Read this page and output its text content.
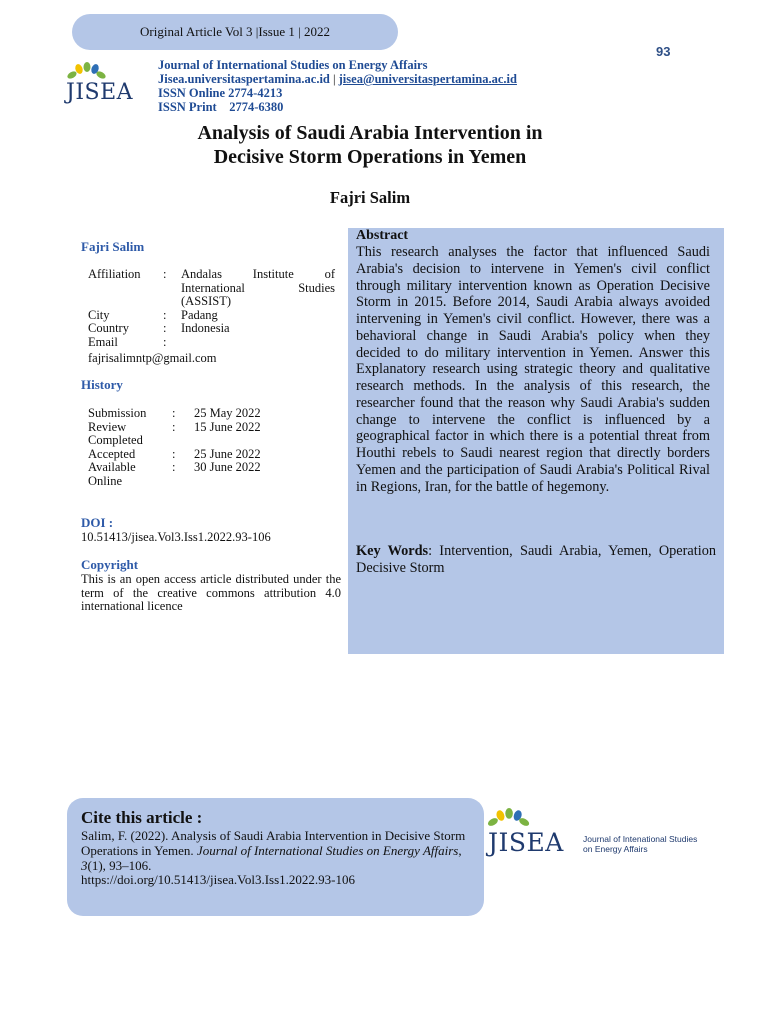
Original Article Vol 3 |Issue 1 | 2022
93
JISEA
Journal of International Studies on Energy Affairs
Jisea.universitaspertamina.ac.id | jisea@universitaspertamina.ac.id
ISSN Online 2774-4213
ISSN Print    2774-6380
Analysis of Saudi Arabia Intervention in
Decisive Storm Operations in Yemen
Fajri Salim
Fajri Salim
Affiliation	:	Andalas Institute of International Studies (ASSIST)
City	:	Padang
Country	:	Indonesia
Email	:	
fajrisalimntp@gmail.com
History
Submission	:	25 May 2022
Review Completed	:	15 June 2022
Accepted	:	25 June 2022
Available Online	:	30 June 2022
DOI :
10.51413/jisea.Vol3.Iss1.2022.93-106
Copyright
This is an open access article distributed under the term of the creative commons attribution 4.0 international licence
Abstract
This research analyses the factor that influenced Saudi Arabia's decision to intervene in Yemen's civil conflict through military intervention known as Operation Decisive Storm in 2015. Before 2014, Saudi Arabia always avoided intervening in Yemen's civil conflict. However, there was a behavioral change in Saudi Arabia's policy when they decided to do military intervention in Yemen. Answer this Explanatory research using strategic theory and qualitative research methods. In the analysis of this research, the researcher found that the reason why Saudi Arabia's sudden change to intervene the conflict is influenced by a geographical factor in which there is a potential threat from Houthi rebels to Saudi nearest region that directly borders Yemen and the participation of Saudi Arabia's Political Rival in Regions, Iran, for the battle of hegemony.
Key Words: Intervention, Saudi Arabia, Yemen, Operation Decisive Storm
Cite this article :
Salim, F. (2022). Analysis of Saudi Arabia Intervention in Decisive Storm Operations in Yemen. Journal of International Studies on Energy Affairs, 3(1), 93–106.
https://doi.org/10.51413/jisea.Vol3.Iss1.2022.93-106
JISEA Journal of Intenational Studies on Energy Affairs
